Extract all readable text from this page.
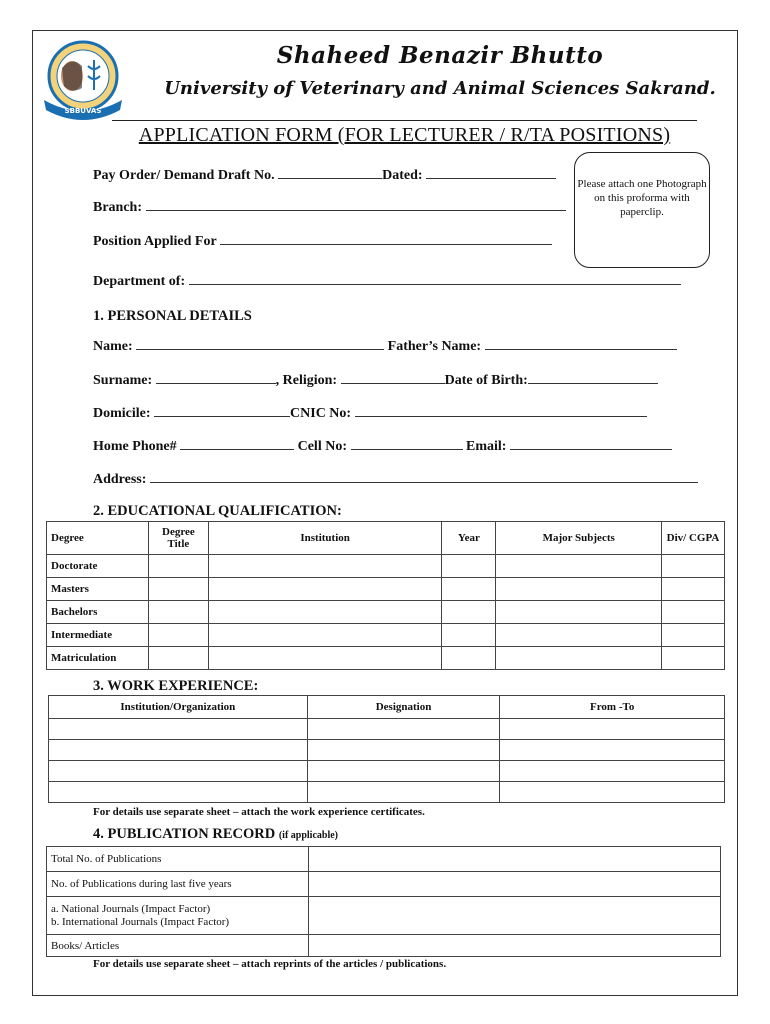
SBBUVAS
Shaheed Benazir Bhutto
University of Veterinary and Animal Sciences Sakrand.
APPLICATION FORM (FOR LECTURER / R/TA POSITIONS)
Pay Order/ Demand Draft No.	Dated:
Branch:
Position Applied For
Please attach one Photograph on this proforma with paperclip.
Department of:
1. PERSONAL DETAILS
Name:	Father’s Name:
Surname:	, Religion:	Date of Birth:
Domicile:	CNIC No:
Home Phone#	Cell No:	Email:
Address:
2. EDUCATIONAL QUALIFICATION:
Degree	Degree Title	Institution	Year	Major Subjects	Div/ CGPA
Doctorate					
Masters					
Bachelors					
Intermediate					
Matriculation					
3. WORK EXPERIENCE:
Institution/Organization	Designation	From -To

For details use separate sheet – attach the work experience certificates.
4. PUBLICATION RECORD (if applicable)
Total No. of Publications	
No. of Publications during last five years	
a. National Journals (Impact Factor)
b. International Journals (Impact Factor)	
Books/ Articles	
For details use separate sheet – attach reprints of the articles / publications.
